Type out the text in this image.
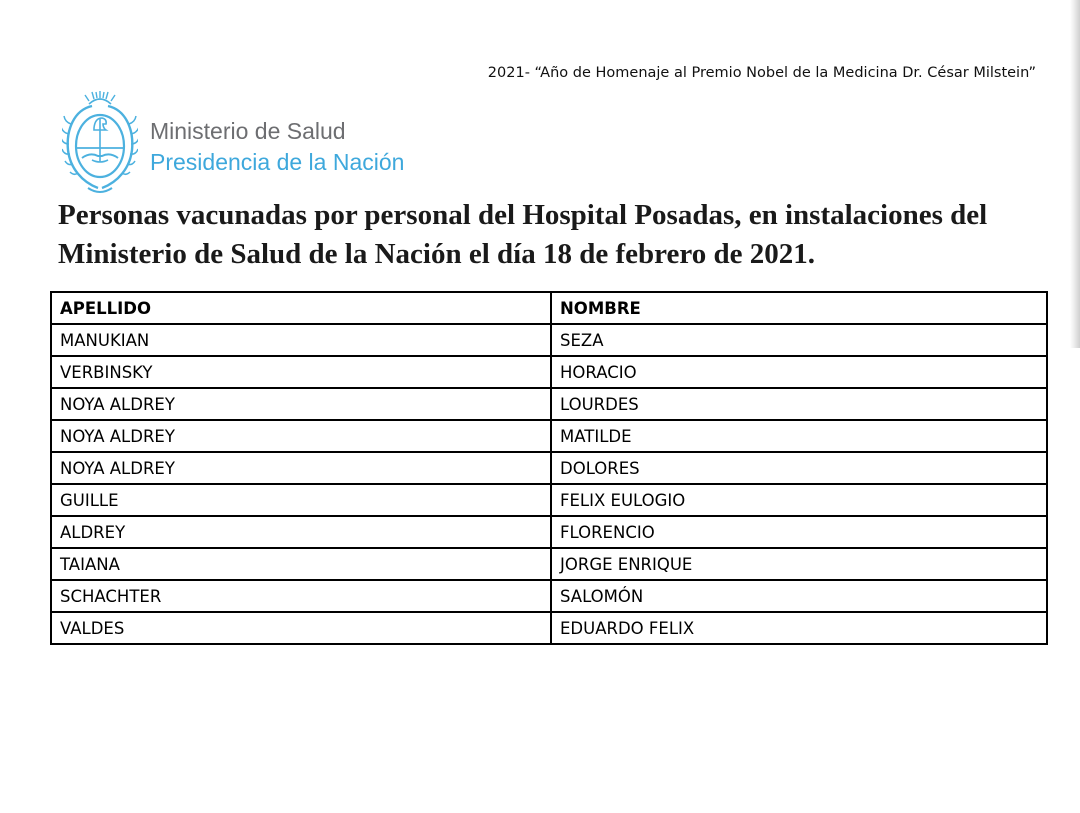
2021- “Año de Homenaje al Premio Nobel de la Medicina Dr. César Milstein”
Ministerio de Salud
Presidencia de la Nación
Personas vacunadas por personal del Hospital Posadas, en instalaciones del Ministerio de Salud de la Nación el día 18 de febrero de 2021.
APELLIDO	NOMBRE
MANUKIAN	SEZA
VERBINSKY	HORACIO
NOYA ALDREY	LOURDES
NOYA ALDREY	MATILDE
NOYA ALDREY	DOLORES
GUILLE	FELIX EULOGIO
ALDREY	FLORENCIO
TAIANA	JORGE ENRIQUE
SCHACHTER	SALOMÓN
VALDES	EDUARDO FELIX
